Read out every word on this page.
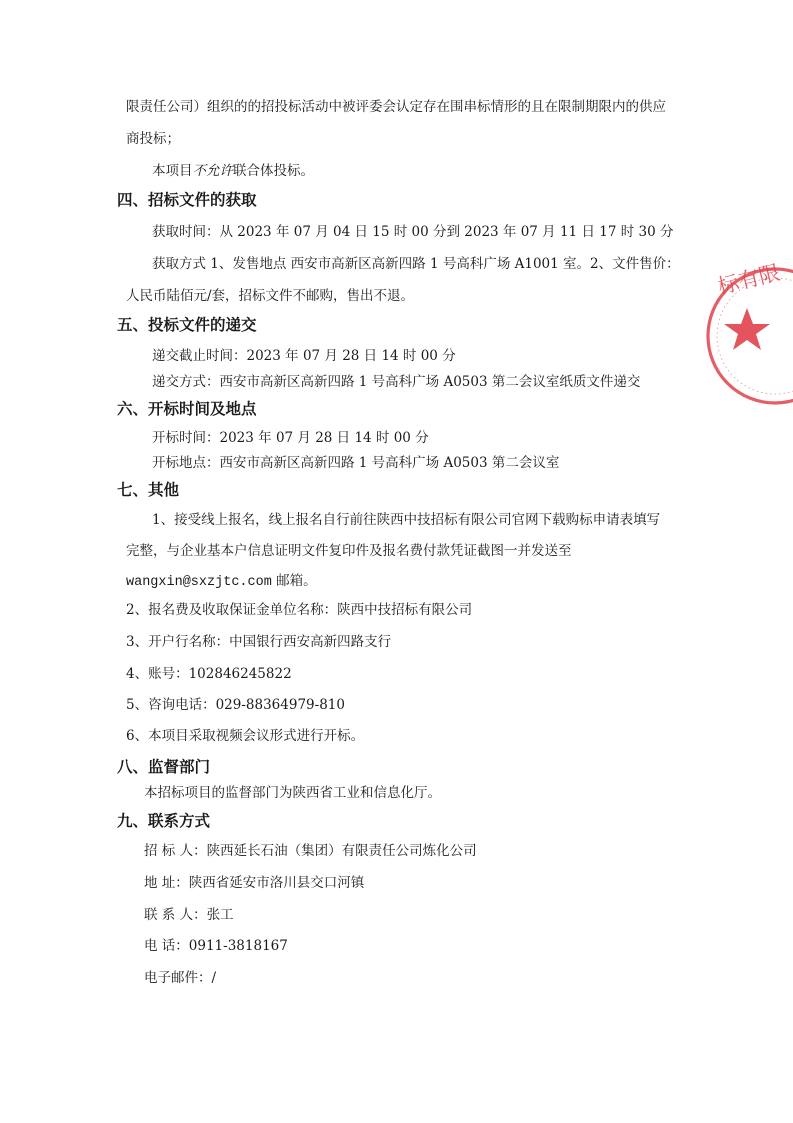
限责任公司）组织的的招投标活动中被评委会认定存在围串标情形的且在限制期限内的供应
商投标；
本项目不允许联合体投标。
四、招标文件的获取
获取时间：从 2023 年 07 月 04 日 15 时 00 分到 2023 年 07 月 11 日 17 时 30 分
获取方式 1、发售地点 西安市高新区高新四路 1 号高科广场 A1001 室。2、文件售价：
人民币陆佰元/套，招标文件不邮购，售出不退。
五、投标文件的递交
递交截止时间：2023 年 07 月 28 日 14 时 00 分
递交方式：西安市高新区高新四路 1 号高科广场 A0503 第二会议室纸质文件递交
六、开标时间及地点
开标时间：2023 年 07 月 28 日 14 时 00 分
开标地点：西安市高新区高新四路 1 号高科广场 A0503 第二会议室
七、其他
1、接受线上报名，线上报名自行前往陕西中技招标有限公司官网下载购标申请表填写
完整，与企业基本户信息证明文件复印件及报名费付款凭证截图一并发送至
wangxin@sxzjtc.com 邮箱。
2、报名费及收取保证金单位名称：陕西中技招标有限公司
3、开户行名称：中国银行西安高新四路支行
4、账号：102846245822
5、咨询电话：029-88364979-810
6、本项目采取视频会议形式进行开标。
八、监督部门
本招标项目的监督部门为陕西省工业和信息化厅。
九、联系方式
招 标 人：陕西延长石油（集团）有限责任公司炼化公司
地 址：陕西省延安市洛川县交口河镇
联 系 人：张工
电 话：0911-3818167
电子邮件：/
标有限
